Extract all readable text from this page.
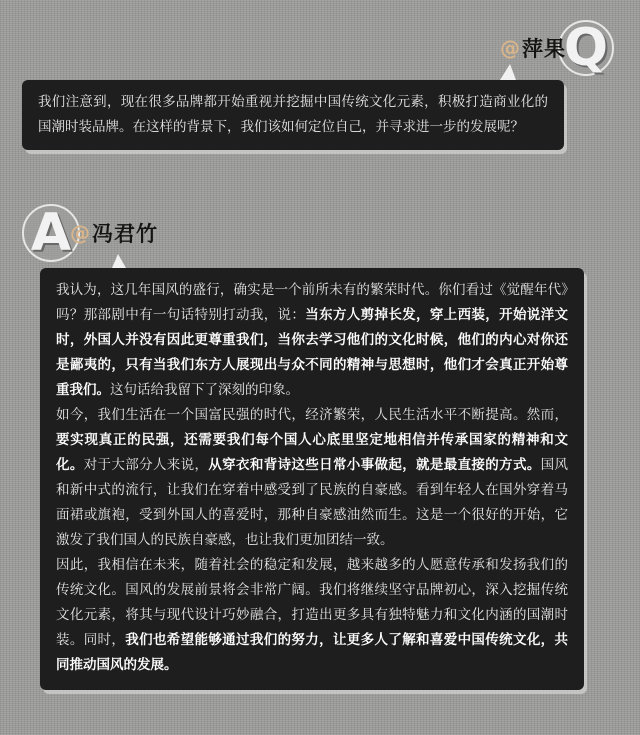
@ 萍果
Q

我们注意到，现在很多品牌都开始重视并挖掘中国传统文化元素，积极打造商业化的国潮时装品牌。在这样的背景下，我们该如何定位自己，并寻求进一步的发展呢？

A
@ 冯君竹

我认为，这几年国风的盛行，确实是一个前所未有的繁荣时代。你们看过《觉醒年代》吗？那部剧中有一句话特别打动我，说：当东方人剪掉长发，穿上西装，开始说洋文时，外国人并没有因此更尊重我们，当你去学习他们的文化时候，他们的内心对你还是鄙夷的，只有当我们东方人展现出与众不同的精神与思想时，他们才会真正开始尊重我们。这句话给我留下了深刻的印象。

如今，我们生活在一个国富民强的时代，经济繁荣，人民生活水平不断提高。然而，要实现真正的民强，还需要我们每个国人心底里坚定地相信并传承国家的精神和文化。对于大部分人来说，从穿衣和背诗这些日常小事做起，就是最直接的方式。国风和新中式的流行，让我们在穿着中感受到了民族的自豪感。看到年轻人在国外穿着马面裙或旗袍，受到外国人的喜爱时，那种自豪感油然而生。这是一个很好的开始，它激发了我们国人的民族自豪感，也让我们更加团结一致。

因此，我相信在未来，随着社会的稳定和发展，越来越多的人愿意传承和发扬我们的传统文化。国风的发展前景将会非常广阔。我们将继续坚守品牌初心，深入挖掘传统文化元素，将其与现代设计巧妙融合，打造出更多具有独特魅力和文化内涵的国潮时装。同时，我们也希望能够通过我们的努力，让更多人了解和喜爱中国传统文化，共同推动国风的发展。
